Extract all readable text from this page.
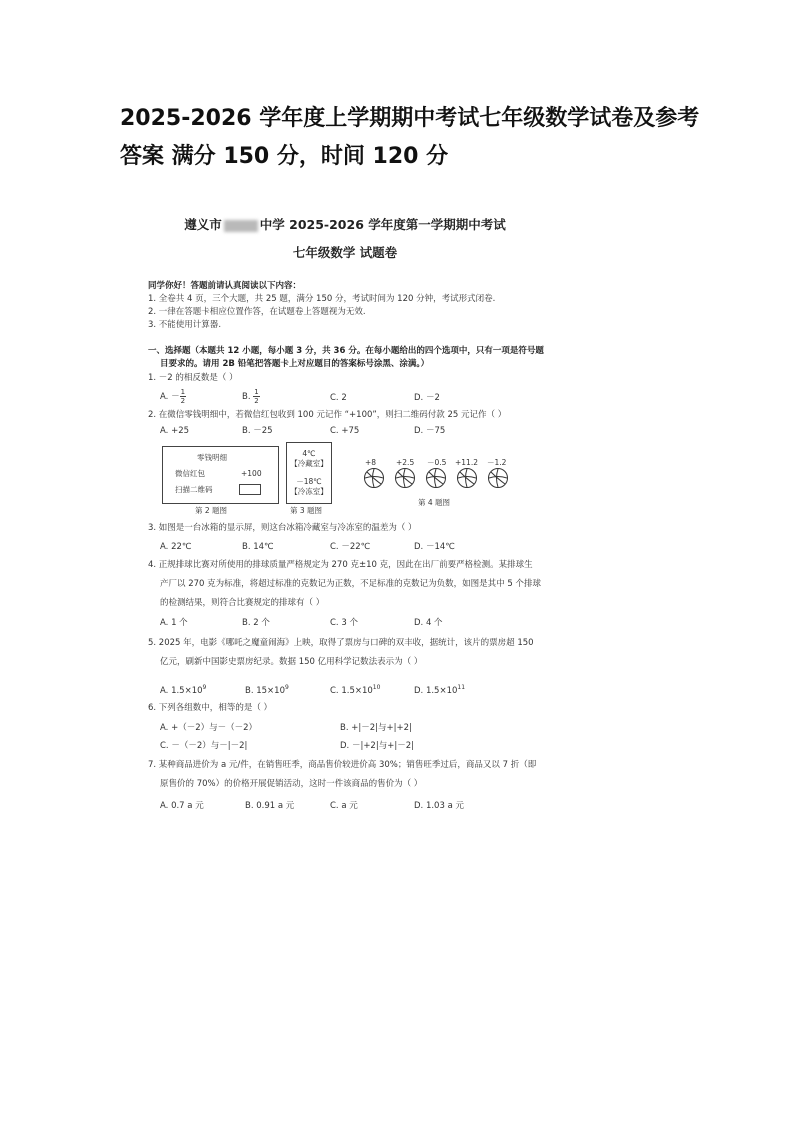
2025-2026 学年度上学期期中考试七年级数学试卷及参考
答案 满分 150 分，时间 120 分
遵义市	中学 2025-2026 学年度第一学期期中考试
七年级数学 试题卷
同学你好！答题前请认真阅读以下内容：
1. 全卷共 4 页，三个大题，共 25 题，满分 150 分，考试时间为 120 分钟，考试形式闭卷.
2. 一律在答题卡相应位置作答，在试题卷上答题视为无效.
3. 不能使用计算器.
一、选择题（本题共 12 小题，每小题 3 分，共 36 分。在每小题给出的四个选项中，只有一项是符号题
目要求的。请用 2B 铅笔把答题卡上对应题目的答案标号涂黑、涂满。）
1. －2 的相反数是（ ）
A. － $\frac{1}{2}$	B. $\frac{1}{2}$	C. 2	D. －2
2. 在微信零钱明细中，若微信红包收到 100 元记作 “+100”，则扫二维码付款 25 元记作（ ）
A. +25	B. －25	C. +75	D. －75
零钱明细
微信红包	+100
扫描二维码
第 2 题图
4℃
【冷藏室】
－18℃
【冷冻室】
第 3 题图
+8	+2.5 －0.5 +11.2 －1.2
第 4 题图
3. 如图是一台冰箱的显示屏，则这台冰箱冷藏室与冷冻室的温差为（ ）
A. 22℃	B. 14℃	C. －22℃	D. －14℃
4. 正规排球比赛对所使用的排球质量严格规定为 270 克±10 克，因此在出厂前要严格检测。某排球生
产厂以 270 克为标准，将超过标准的克数记为正数，不足标准的克数记为负数，如图是其中 5 个排球
的检测结果，则符合比赛规定的排球有（ ）
A. 1 个	B. 2 个	C. 3 个	D. 4 个
5. 2025 年，电影《哪吒之魔童闹海》上映，取得了票房与口碑的双丰收，据统计，该片的票房超 150
亿元，刷新中国影史票房纪录。数据 150 亿用科学记数法表示为（ ）
A. $1.5\times 10^9$	B. $15\times 10^9$	C. $1.5\times 10^{10}$	D. $1.5\times 10^{11}$
6. 下列各组数中，相等的是（ ）
A. +（－2）与－（－2）	B. +|－2|与+|+2|
C. －（－2）与－|－2|	D. －|+2|与+|－2|
7. 某种商品进价为 a 元/件，在销售旺季，商品售价较进价高 30%；销售旺季过后，商品又以 7 折（即
原售价的 70%）的价格开展促销活动，这时一件该商品的售价为（ ）
A. 0.7 a 元	B. 0.91 a 元	C. a 元	D. 1.03 a 元
